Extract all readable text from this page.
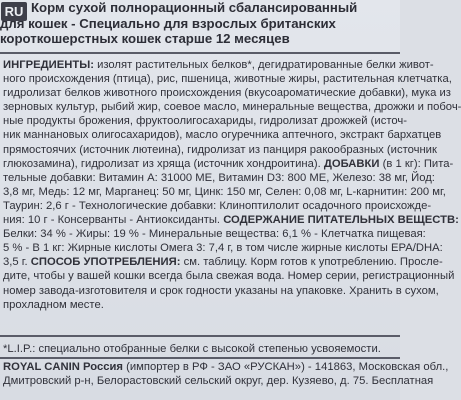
RU Корм сухой полнорационный сбалансированный
для кошек - Специально для взрослых британских
короткошерстных кошек старше 12 месяцев
ИНГРЕДИЕНТЫ: изолят растительных белков*, дегидратированные белки живот-
ного происхождения (птица), рис, пшеница, животные жиры, растительная клетчатка,
гидролизат белков животного происхождения (вкусоароматические добавки), мука из
зерновых культур, рыбий жир, соевое масло, минеральные вещества, дрожжи и побоч-
ные продукты брожения, фруктоолигосахариды, гидролизат дрожжей (источ-
ник маннановых олигосахаридов), масло огуречника аптечного, экстракт бархатцев
прямостоячих (источник лютеина), гидролизат из панциря ракообразных (источник
глюкозамина), гидролизат из хряща (источник хондроитина). ДОБАВКИ (в 1 кг): Пита-
тельные добавки: Витамин А: 31000 МЕ, Витамин D3: 800 МЕ, Железо: 38 мг, Йод:
3,8 мг, Медь: 12 мг, Марганец: 50 мг, Цинк: 150 мг, Селен: 0,08 мг, L-карнитин: 200 мг,
Таурин: 2,6 г - Технологические добавки: Клиноптилолит осадочного происхожде-
ния: 10 г - Консерванты - Антиоксиданты. СОДЕРЖАНИЕ ПИТАТЕЛЬНЫХ ВЕЩЕСТВ:
Белки: 34 % - Жиры: 19 % - Минеральные вещества: 6,1 % - Клетчатка пищевая:
5 % - В 1 кг: Жирные кислоты Омега 3: 7,4 г, в том числе жирные кислоты EPA/DHA:
3,5 г. СПОСОБ УПОТРЕБЛЕНИЯ: см. таблицу. Корм готов к употреблению. Просле-
дите, чтобы у вашей кошки всегда была свежая вода. Номер серии, регистрационный
номер завода-изготовителя и срок годности указаны на упаковке. Хранить в сухом,
прохладном месте.
*L.I.P.: специально отобранные белки с высокой степенью усвояемости.
ROYAL CANIN Россия (импортер в РФ - ЗАО «РУСКАН») - 141863, Московская обл.,
Дмитровский р-н, Белорастовский сельский округ, дер. Кузяево, д. 75. Бесплатная
